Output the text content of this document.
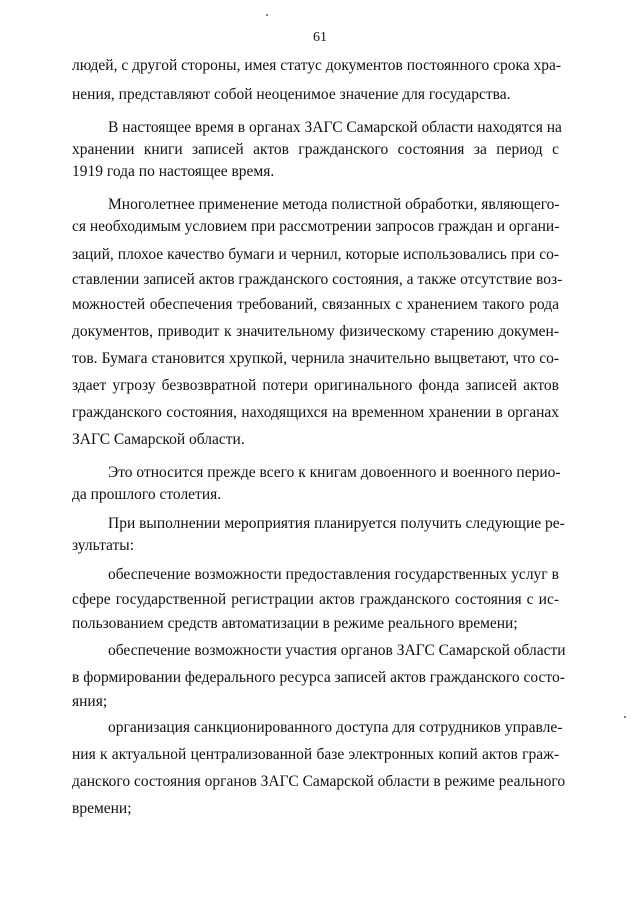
61
людей, с другой стороны, имея статус документов постоянного срока хра-
нения, представляют собой неоценимое значение для государства.
В настоящее время в органах ЗАГС Самарской области находятся на
хранении книги записей актов гражданского состояния за период с
1919 года по настоящее время.
Многолетнее применение метода полистной обработки, являющего-
ся необходимым условием при рассмотрении запросов граждан и органи-
заций, плохое качество бумаги и чернил, которые использовались при со-
ставлении записей актов гражданского состояния, а также отсутствие воз-
можностей обеспечения требований, связанных с хранением такого рода
документов, приводит к значительному физическому старению докумен-
тов. Бумага становится хрупкой, чернила значительно выцветают, что со-
здает угрозу безвозвратной потери оригинального фонда записей актов
гражданского состояния, находящихся на временном хранении в органах
ЗАГС Самарской области.
Это относится прежде всего к книгам довоенного и военного перио-
да прошлого столетия.
При выполнении мероприятия планируется получить следующие ре-
зультаты:
обеспечение возможности предоставления государственных услуг в
сфере государственной регистрации актов гражданского состояния с ис-
пользованием средств автоматизации в режиме реального времени;
обеспечение возможности участия органов ЗАГС Самарской области
в формировании федерального ресурса записей актов гражданского состо-
яния;
организация санкционированного доступа для сотрудников управле-
ния к актуальной централизованной базе электронных копий актов граж-
данского состояния органов ЗАГС Самарской области в режиме реального
времени;
